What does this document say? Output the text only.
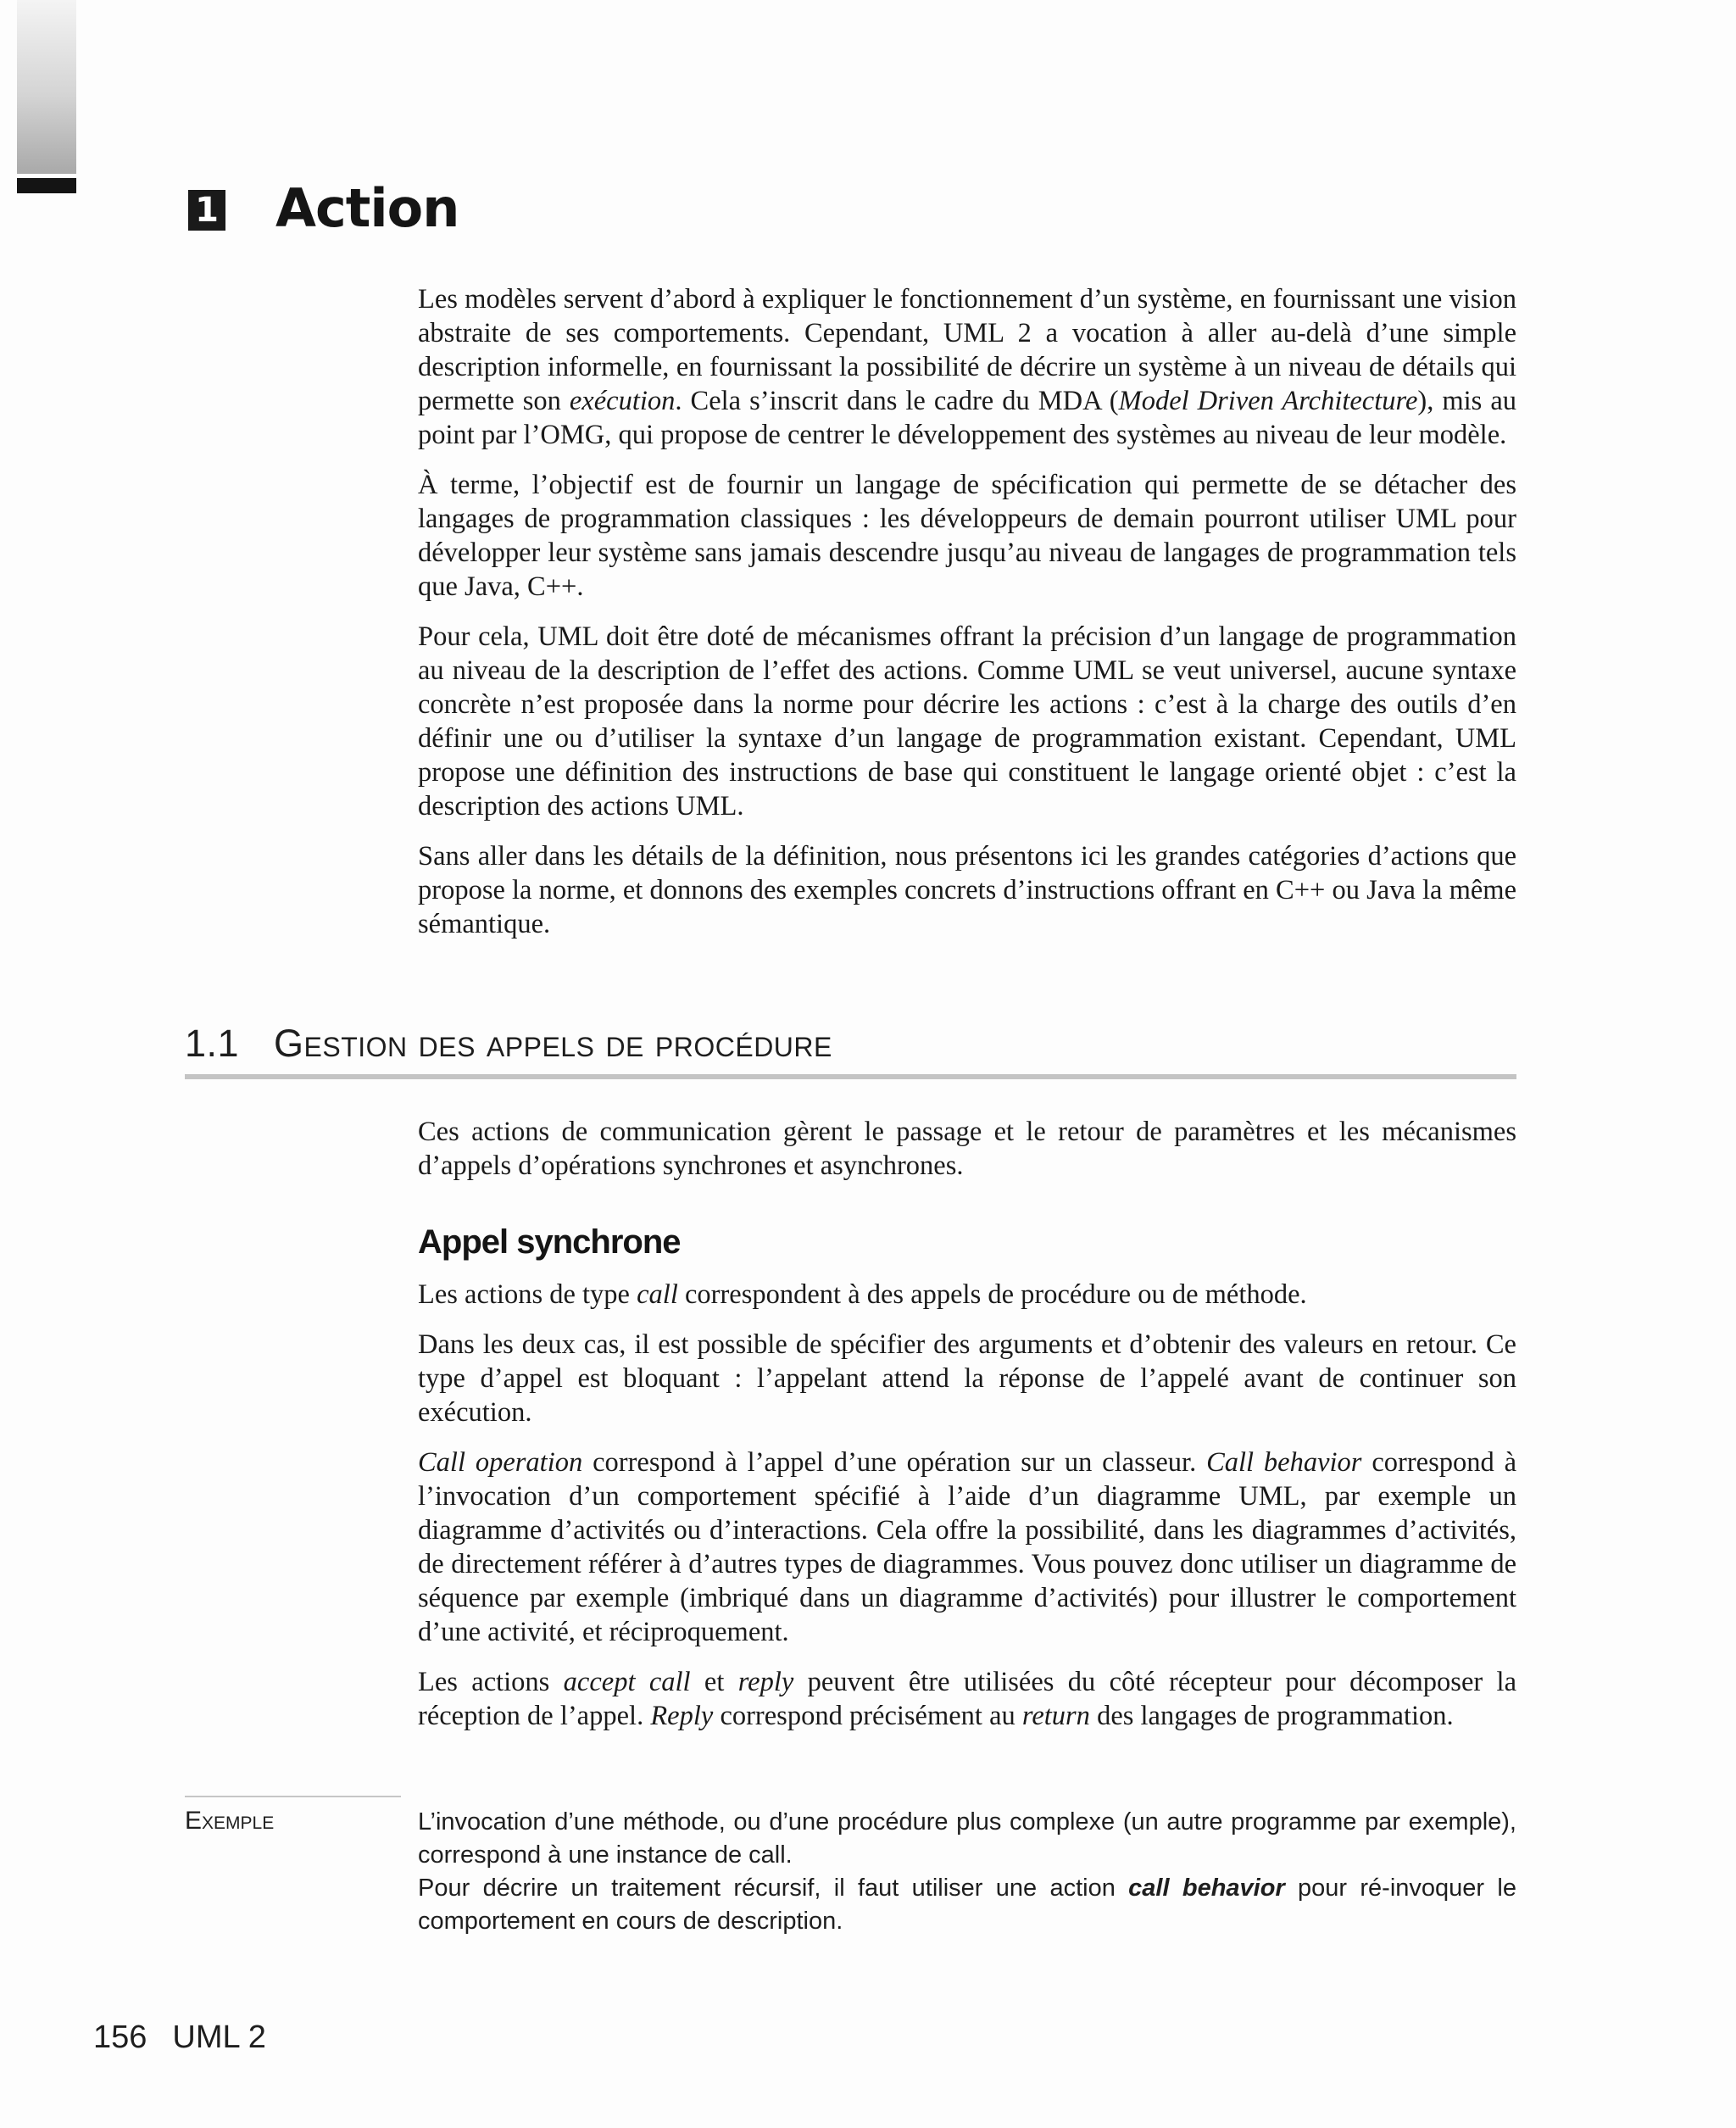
1 Action

Les modèles servent d’abord à expliquer le fonctionnement d’un système, en fournissant une vision abstraite de ses comportements. Cependant, UML 2 a vocation à aller au-delà d’une simple description informelle, en fournissant la possibilité de décrire un système à un niveau de détails qui permette son exécution. Cela s’inscrit dans le cadre du MDA (Model Driven Architecture), mis au point par l’OMG, qui propose de centrer le développement des systèmes au niveau de leur modèle.

À terme, l’objectif est de fournir un langage de spécification qui permette de se détacher des langages de programmation classiques : les développeurs de demain pourront utiliser UML pour développer leur système sans jamais descendre jusqu’au niveau de langages de programmation tels que Java, C++.

Pour cela, UML doit être doté de mécanismes offrant la précision d’un langage de programmation au niveau de la description de l’effet des actions. Comme UML se veut universel, aucune syntaxe concrète n’est proposée dans la norme pour décrire les actions : c’est à la charge des outils d’en définir une ou d’utiliser la syntaxe d’un langage de programmation existant. Cependant, UML propose une définition des instructions de base qui constituent le langage orienté objet : c’est la description des actions UML.

Sans aller dans les détails de la définition, nous présentons ici les grandes catégories d’actions que propose la norme, et donnons des exemples concrets d’instructions offrant en C++ ou Java la même sémantique.

1.1 Gestion des appels de procédure

Ces actions de communication gèrent le passage et le retour de paramètres et les mécanismes d’appels d’opérations synchrones et asynchrones.

Appel synchrone

Les actions de type call correspondent à des appels de procédure ou de méthode.

Dans les deux cas, il est possible de spécifier des arguments et d’obtenir des valeurs en retour. Ce type d’appel est bloquant : l’appelant attend la réponse de l’appelé avant de continuer son exécution.

Call operation correspond à l’appel d’une opération sur un classeur. Call behavior correspond à l’invocation d’un comportement spécifié à l’aide d’un diagramme UML, par exemple un diagramme d’activités ou d’interactions. Cela offre la possibilité, dans les diagrammes d’activités, de directement référer à d’autres types de diagrammes. Vous pouvez donc utiliser un diagramme de séquence par exemple (imbriqué dans un diagramme d’activités) pour illustrer le comportement d’une activité, et réciproquement.

Les actions accept call et reply peuvent être utilisées du côté récepteur pour décomposer la réception de l’appel. Reply correspond précisément au return des langages de programmation.

Exemple	L’invocation d’une méthode, ou d’une procédure plus complexe (un autre programme par exemple), correspond à une instance de call.

Pour décrire un traitement récursif, il faut utiliser une action call behavior pour ré-invoquer le comportement en cours de description.

156 UML 2
